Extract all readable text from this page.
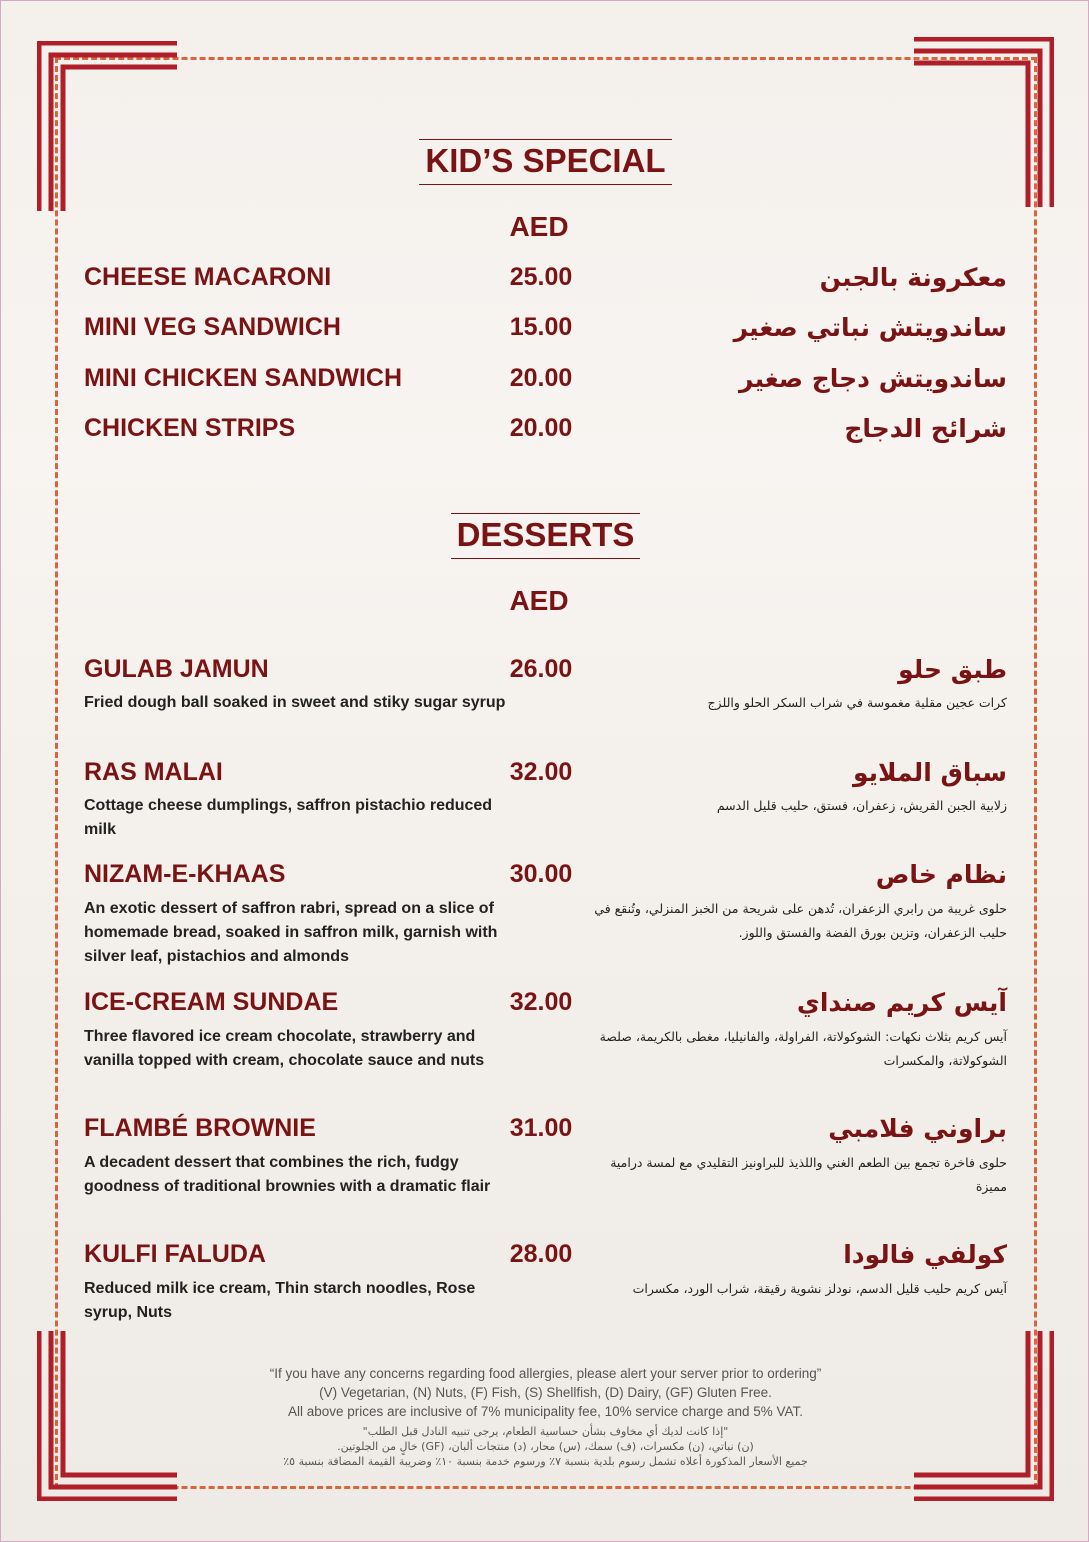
KID’S SPECIAL
AED
CHEESE MACARONI	25.00	معكرونة بالجبن
MINI VEG SANDWICH	15.00	ساندويتش نباتي صغير
MINI CHICKEN SANDWICH	20.00	ساندويتش دجاج صغير
CHICKEN STRIPS	20.00	شرائح الدجاج
DESSERTS
AED
GULAB JAMUN	26.00	طبق حلو
Fried dough ball soaked in sweet and stiky sugar syrup	كرات عجين مقلية مغموسة في شراب السكر الحلو واللزج
RAS MALAI	32.00	سباق الملايو
Cottage cheese dumplings, saffron pistachio reduced milk
زلابية الجبن القريش، زعفران، فستق، حليب قليل الدسم
NIZAM-E-KHAAS	30.00	نظام خاص
An exotic dessert of saffron rabri, spread on a slice of homemade bread, soaked in saffron milk, garnish with silver leaf, pistachios and almonds
حلوى غريبة من رابري الزعفران، تُدهن على شريحة من الخبز المنزلي، وتُنقع في حليب الزعفران، وتزين بورق الفضة والفستق واللوز.
ICE-CREAM SUNDAE	32.00	آيس كريم صنداي
Three flavored ice cream chocolate, strawberry and vanilla topped with cream, chocolate sauce and nuts
آيس كريم بثلاث نكهات: الشوكولاتة، الفراولة، والفانيليا، مغطى بالكريمة، صلصة الشوكولاتة، والمكسرات
FLAMBÉ BROWNIE	31.00	براوني فلامبي
A decadent dessert that combines the rich, fudgy goodness of traditional brownies with a dramatic flair
حلوى فاخرة تجمع بين الطعم الغني واللذيذ للبراونيز التقليدي مع لمسة درامية مميزة
KULFI FALUDA	28.00	كولفي فالودا
Reduced milk ice cream, Thin starch noodles, Rose syrup, Nuts
آيس كريم حليب قليل الدسم، نودلز نشوية رقيقة، شراب الورد، مكسرات
“If you have any concerns regarding food allergies, please alert your server prior to ordering”
(V) Vegetarian, (N) Nuts, (F) Fish, (S) Shellfish, (D) Dairy, (GF) Gluten Free.
All above prices are inclusive of 7% municipality fee, 10% service charge and 5% VAT.
"إذا كانت لديك أي مخاوف بشأن حساسية الطعام، يرجى تنبيه النادل قبل الطلب"
(ن) نباتي، (ن) مكسرات، (ف) سمك، (س) محار، (د) منتجات ألبان، (GF) خالٍ من الجلوتين.
جميع الأسعار المذكورة أعلاه تشمل رسوم بلدية بنسبة ٧٪ ورسوم خدمة بنسبة ١٠٪ وضريبة القيمة المضافة بنسبة ٥٪
